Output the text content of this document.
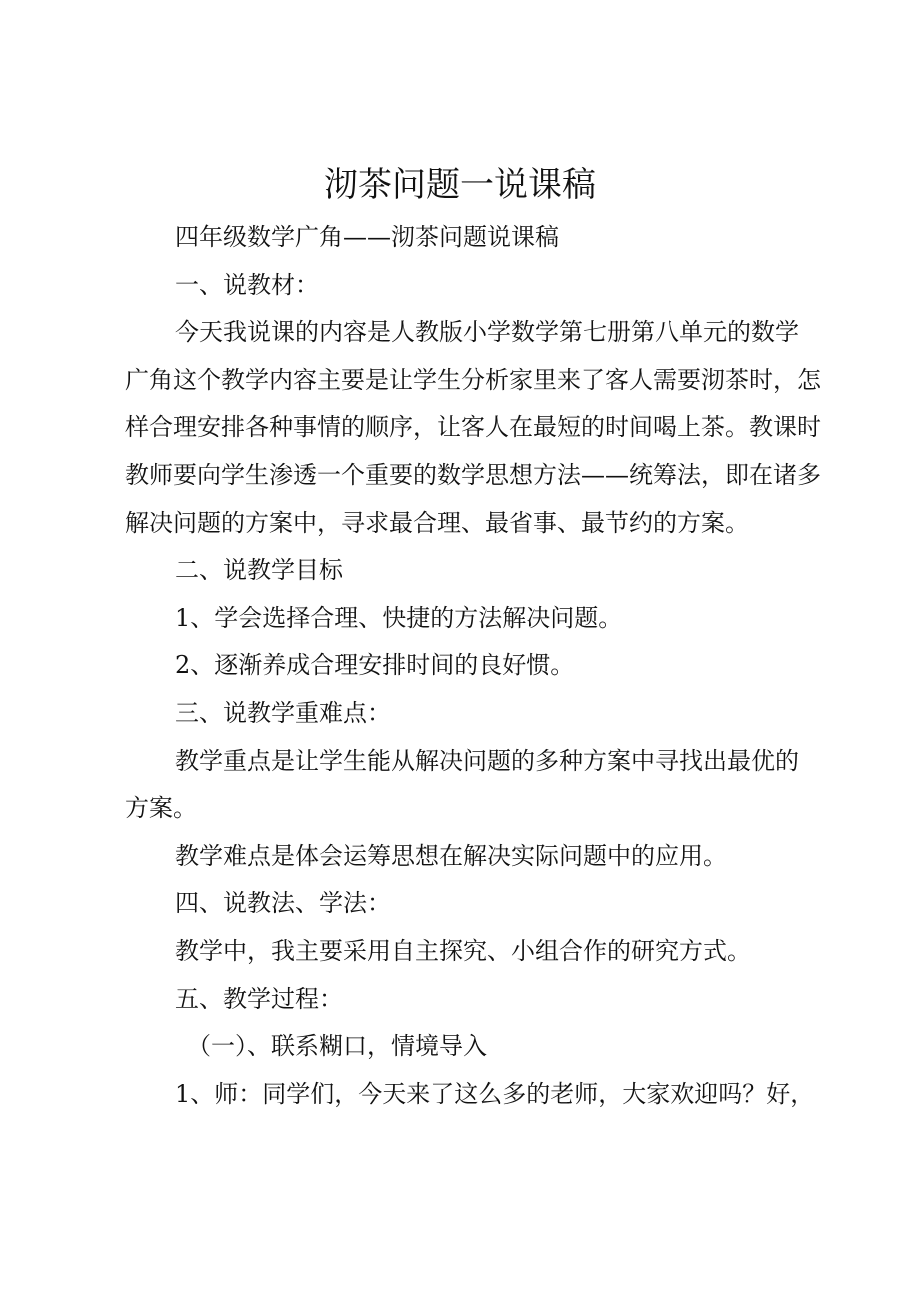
沏茶问题一说课稿
四年级数学广角——沏茶问题说课稿
一、说教材：
今天我说课的内容是人教版小学数学第七册第八单元的数学
广角这个教学内容主要是让学生分析家里来了客人需要沏茶时，怎
样合理安排各种事情的顺序，让客人在最短的时间喝上茶。教课时
教师要向学生渗透一个重要的数学思想方法——统筹法，即在诸多
解决问题的方案中，寻求最合理、最省事、最节约的方案。
二、说教学目标
1、学会选择合理、快捷的方法解决问题。
2、逐渐养成合理安排时间的良好惯。
三、说教学重难点：
教学重点是让学生能从解决问题的多种方案中寻找出最优的
方案。
教学难点是体会运筹思想在解决实际问题中的应用。
四、说教法、学法：
教学中，我主要采用自主探究、小组合作的研究方式。
五、教学过程：
（一）、联系糊口，情境导入
1、师：同学们，今天来了这么多的老师，大家欢迎吗？好，
